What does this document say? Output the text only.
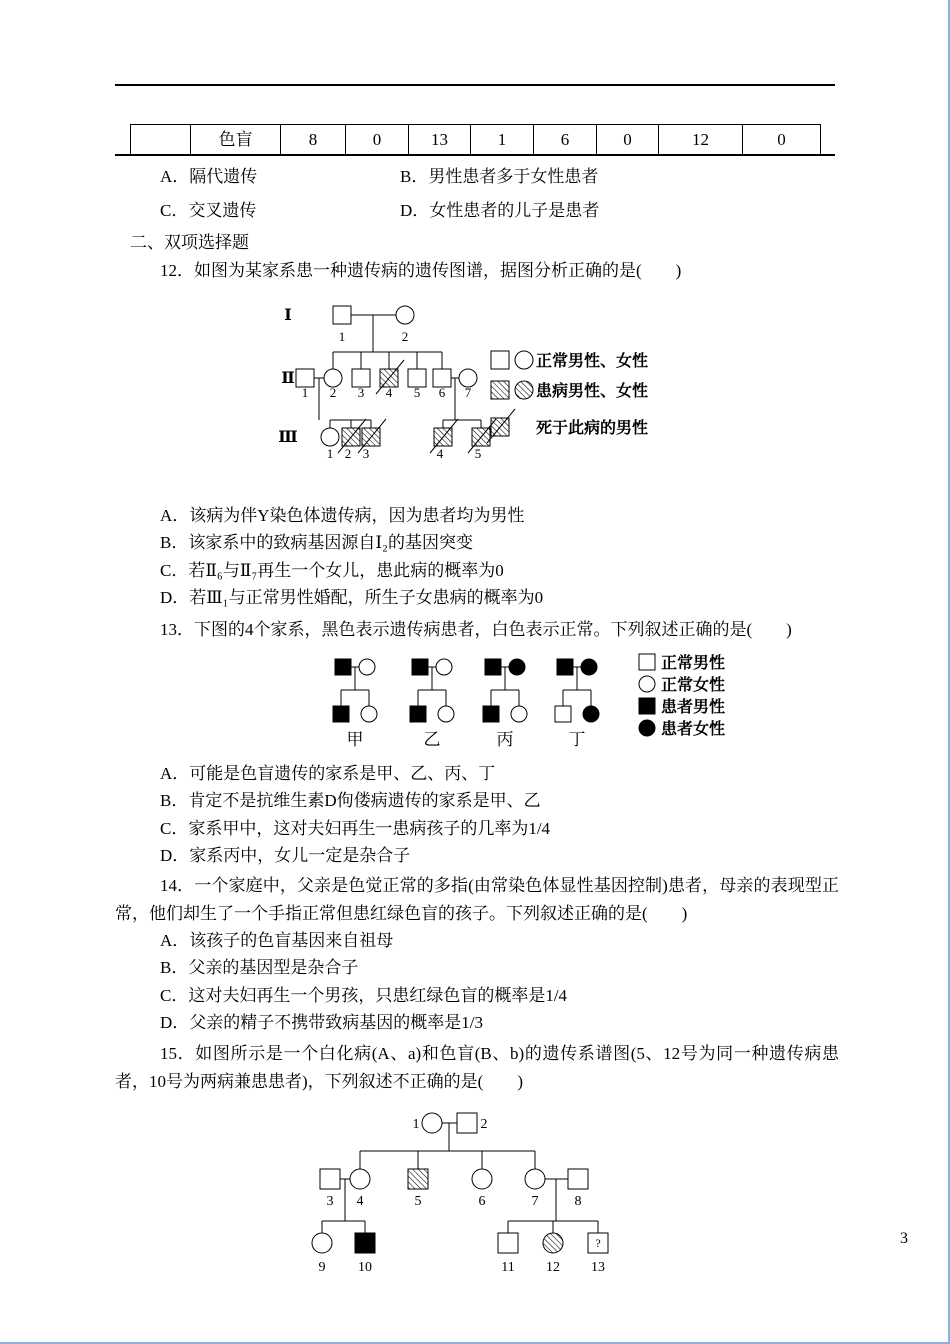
色盲	8	0	13	1	6	0	12	0
A．隔代遗传	B．男性患者多于女性患者
C．交叉遗传	D．女性患者的儿子是患者
二、双项选择题
12．如图为某家系患一种遗传病的遗传图谱，据图分析正确的是(　　)
Ⅰ
Ⅱ
Ⅲ
1	2
1 2 3 4 5 6 7
1 2 3	4 5
正常男性、女性
患病男性、女性
死于此病的男性
A．该病为伴Y染色体遗传病，因为患者均为男性
B．该家系中的致病基因源自Ⅰ₂的基因突变
C．若Ⅱ₆与Ⅱ₇再生一个女儿，患此病的概率为0
D．若Ⅲ₁与正常男性婚配，所生子女患病的概率为0
13．下图的4个家系，黑色表示遗传病患者，白色表示正常。下列叙述正确的是(　　)
甲	乙	丙	丁
正常男性
正常女性
患者男性
患者女性
A．可能是色盲遗传的家系是甲、乙、丙、丁
B．肯定不是抗维生素D佝偻病遗传的家系是甲、乙
C．家系甲中，这对夫妇再生一患病孩子的几率为1/4
D．家系丙中，女儿一定是杂合子
14．一个家庭中，父亲是色觉正常的多指(由常染色体显性基因控制)患者，母亲的表现型正常，他们却生了一个手指正常但患红绿色盲的孩子。下列叙述正确的是(　　)
A．该孩子的色盲基因来自祖母
B．父亲的基因型是杂合子
C．这对夫妇再生一个男孩，只患红绿色盲的概率是1/4
D．父亲的精子不携带致病基因的概率是1/3
15．如图所示是一个白化病(A、a)和色盲(B、b)的遗传系谱图(5、12号为同一种遗传病患者，10号为两病兼患患者)，下列叙述不正确的是(　　)
?
1	2
3 4	5	6	7	8
9 10	11 12 13
3
